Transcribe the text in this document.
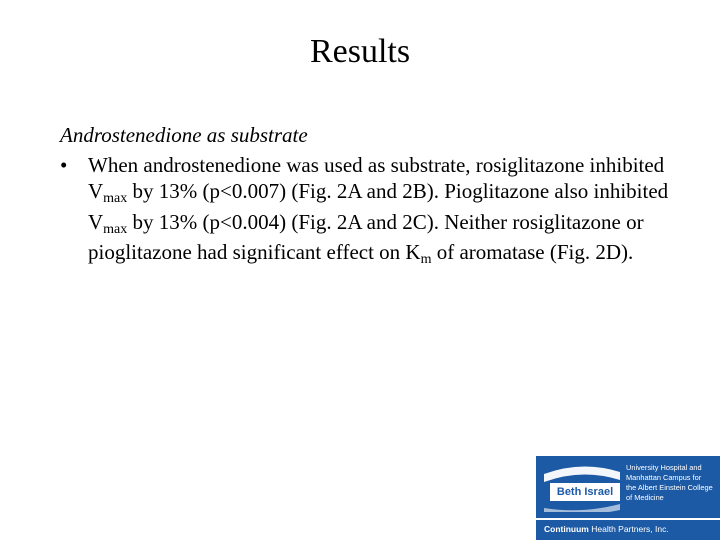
Results

Androstenedione as substrate

• When androstenedione was used as substrate, rosiglitazone inhibited Vmax by 13% (p<0.007) (Fig. 2A and 2B). Pioglitazone also inhibited Vmax by 13% (p<0.004) (Fig. 2A and 2C). Neither rosiglitazone or pioglitazone had significant effect on Km of aromatase (Fig. 2D).

Beth Israel
University Hospital and
Manhattan Campus for
the Albert Einstein College
of Medicine
Continuum Health Partners, Inc.
